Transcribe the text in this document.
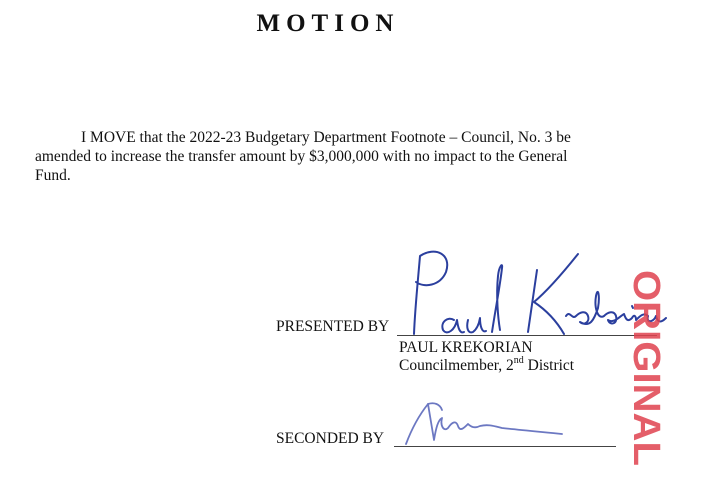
MOTION

I MOVE that the 2022-23 Budgetary Department Footnote – Council, No. 3 be
amended to increase the transfer amount by $3,000,000 with no impact to the General
Fund.

PRESENTED BY
PAUL KREKORIAN
Councilmember, 2nd District
SECONDED BY	ORIGINAL
